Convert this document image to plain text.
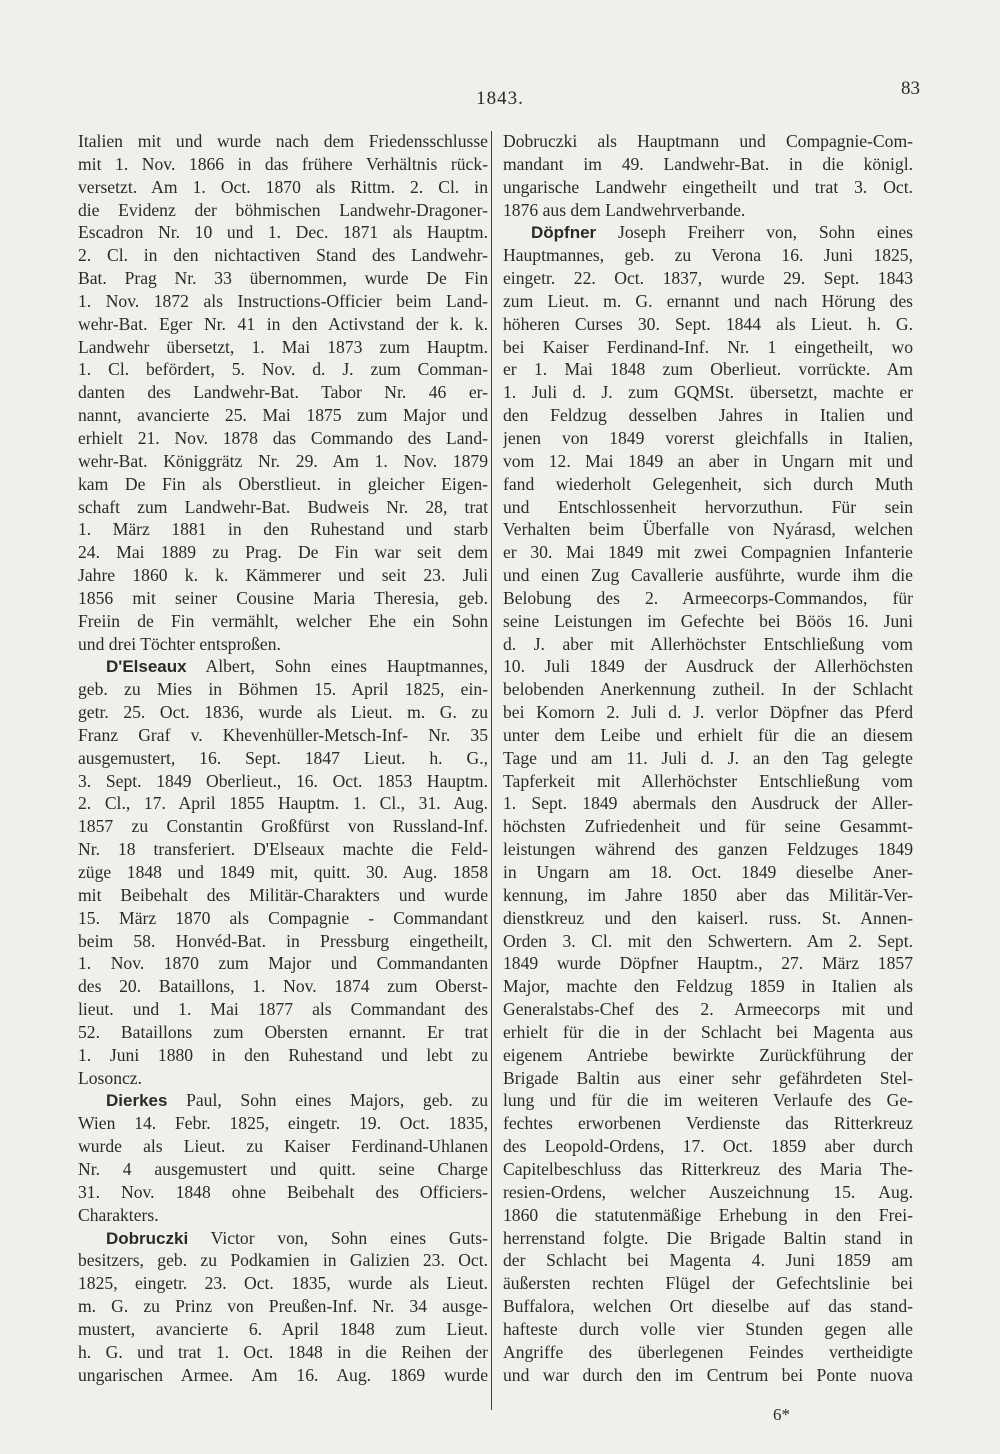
1843.	83
Italien mit und wurde nach dem Friedensschlusse
mit 1. Nov. 1866 in das frühere Verhältnis rück-
versetzt. Am 1. Oct. 1870 als Rittm. 2. Cl. in
die Evidenz der böhmischen Landwehr-Dragoner-
Escadron Nr. 10 und 1. Dec. 1871 als Hauptm.
2. Cl. in den nichtactiven Stand des Landwehr-
Bat. Prag Nr. 33 übernommen, wurde De Fin
1. Nov. 1872 als Instructions-Officier beim Land-
wehr-Bat. Eger Nr. 41 in den Activstand der k. k.
Landwehr übersetzt, 1. Mai 1873 zum Hauptm.
1. Cl. befördert, 5. Nov. d. J. zum Comman-
danten des Landwehr-Bat. Tabor Nr. 46 er-
nannt, avancierte 25. Mai 1875 zum Major und
erhielt 21. Nov. 1878 das Commando des Land-
wehr-Bat. Königgrätz Nr. 29. Am 1. Nov. 1879
kam De Fin als Oberstlieut. in gleicher Eigen-
schaft zum Landwehr-Bat. Budweis Nr. 28, trat
1. März 1881 in den Ruhestand und starb
24. Mai 1889 zu Prag. De Fin war seit dem
Jahre 1860 k. k. Kämmerer und seit 23. Juli
1856 mit seiner Cousine Maria Theresia, geb.
Freiin de Fin vermählt, welcher Ehe ein Sohn
und drei Töchter entsproßen.
D'Elseaux Albert, Sohn eines Hauptmannes,
geb. zu Mies in Böhmen 15. April 1825, ein-
getr. 25. Oct. 1836, wurde als Lieut. m. G. zu
Franz Graf v. Khevenhüller-Metsch-Inf- Nr. 35
ausgemustert, 16. Sept. 1847 Lieut. h. G.,
3. Sept. 1849 Oberlieut., 16. Oct. 1853 Hauptm.
2. Cl., 17. April 1855 Hauptm. 1. Cl., 31. Aug.
1857 zu Constantin Großfürst von Russland-Inf.
Nr. 18 transferiert. D'Elseaux machte die Feld-
züge 1848 und 1849 mit, quitt. 30. Aug. 1858
mit Beibehalt des Militär-Charakters und wurde
15. März 1870 als Compagnie - Commandant
beim 58. Honvéd-Bat. in Pressburg eingetheilt,
1. Nov. 1870 zum Major und Commandanten
des 20. Bataillons, 1. Nov. 1874 zum Oberst-
lieut. und 1. Mai 1877 als Commandant des
52. Bataillons zum Obersten ernannt. Er trat
1. Juni 1880 in den Ruhestand und lebt zu
Losoncz.
Dierkes Paul, Sohn eines Majors, geb. zu
Wien 14. Febr. 1825, eingetr. 19. Oct. 1835,
wurde als Lieut. zu Kaiser Ferdinand-Uhlanen
Nr. 4 ausgemustert und quitt. seine Charge
31. Nov. 1848 ohne Beibehalt des Officiers-
Charakters.
Dobruczki Victor von, Sohn eines Guts-
besitzers, geb. zu Podkamien in Galizien 23. Oct.
1825, eingetr. 23. Oct. 1835, wurde als Lieut.
m. G. zu Prinz von Preußen-Inf. Nr. 34 ausge-
mustert, avancierte 6. April 1848 zum Lieut.
h. G. und trat 1. Oct. 1848 in die Reihen der
ungarischen Armee. Am 16. Aug. 1869 wurde
Dobruczki als Hauptmann und Compagnie-Com-
mandant im 49. Landwehr-Bat. in die königl.
ungarische Landwehr eingetheilt und trat 3. Oct.
1876 aus dem Landwehrverbande.
Döpfner Joseph Freiherr von, Sohn eines
Hauptmannes, geb. zu Verona 16. Juni 1825,
eingetr. 22. Oct. 1837, wurde 29. Sept. 1843
zum Lieut. m. G. ernannt und nach Hörung des
höheren Curses 30. Sept. 1844 als Lieut. h. G.
bei Kaiser Ferdinand-Inf. Nr. 1 eingetheilt, wo
er 1. Mai 1848 zum Oberlieut. vorrückte. Am
1. Juli d. J. zum GQMSt. übersetzt, machte er
den Feldzug desselben Jahres in Italien und
jenen von 1849 vorerst gleichfalls in Italien,
vom 12. Mai 1849 an aber in Ungarn mit und
fand wiederholt Gelegenheit, sich durch Muth
und Entschlossenheit hervorzuthun. Für sein
Verhalten beim Überfalle von Nyárasd, welchen
er 30. Mai 1849 mit zwei Compagnien Infanterie
und einen Zug Cavallerie ausführte, wurde ihm die
Belobung des 2. Armeecorps-Commandos, für
seine Leistungen im Gefechte bei Böös 16. Juni
d. J. aber mit Allerhöchster Entschließung vom
10. Juli 1849 der Ausdruck der Allerhöchsten
belobenden Anerkennung zutheil. In der Schlacht
bei Komorn 2. Juli d. J. verlor Döpfner das Pferd
unter dem Leibe und erhielt für die an diesem
Tage und am 11. Juli d. J. an den Tag gelegte
Tapferkeit mit Allerhöchster Entschließung vom
1. Sept. 1849 abermals den Ausdruck der Aller-
höchsten Zufriedenheit und für seine Gesammt-
leistungen während des ganzen Feldzuges 1849
in Ungarn am 18. Oct. 1849 dieselbe Aner-
kennung, im Jahre 1850 aber das Militär-Ver-
dienstkreuz und den kaiserl. russ. St. Annen-
Orden 3. Cl. mit den Schwertern. Am 2. Sept.
1849 wurde Döpfner Hauptm., 27. März 1857
Major, machte den Feldzug 1859 in Italien als
Generalstabs-Chef des 2. Armeecorps mit und
erhielt für die in der Schlacht bei Magenta aus
eigenem Antriebe bewirkte Zurückführung der
Brigade Baltin aus einer sehr gefährdeten Stel-
lung und für die im weiteren Verlaufe des Ge-
fechtes erworbenen Verdienste das Ritterkreuz
des Leopold-Ordens, 17. Oct. 1859 aber durch
Capitelbeschluss das Ritterkreuz des Maria The-
resien-Ordens, welcher Auszeichnung 15. Aug.
1860 die statutenmäßige Erhebung in den Frei-
herrenstand folgte. Die Brigade Baltin stand in
der Schlacht bei Magenta 4. Juni 1859 am
äußersten rechten Flügel der Gefechtslinie bei
Buffalora, welchen Ort dieselbe auf das stand-
hafteste durch volle vier Stunden gegen alle
Angriffe des überlegenen Feindes vertheidigte
und war durch den im Centrum bei Ponte nuova
6*
